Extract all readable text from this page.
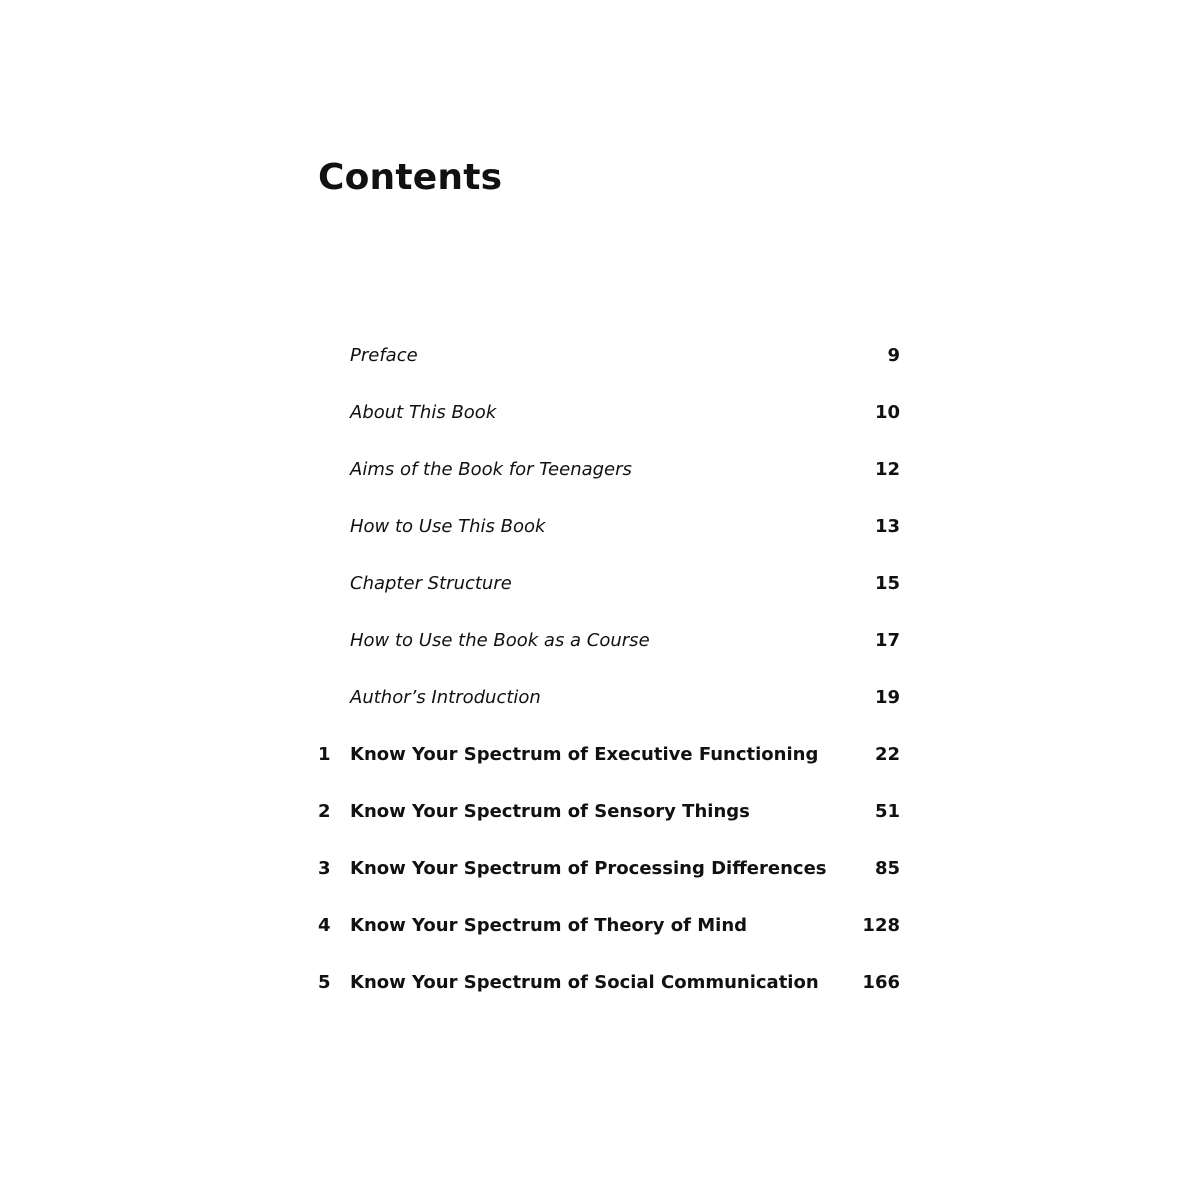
Contents
Preface	9
About This Book	10
Aims of the Book for Teenagers	12
How to Use This Book	13
Chapter Structure	15
How to Use the Book as a Course	17
Author’s Introduction	19
1	Know Your Spectrum of Executive Functioning	22
2	Know Your Spectrum of Sensory Things	51
3	Know Your Spectrum of Processing Differences	85
4	Know Your Spectrum of Theory of Mind	128
5	Know Your Spectrum of Social Communication 166
